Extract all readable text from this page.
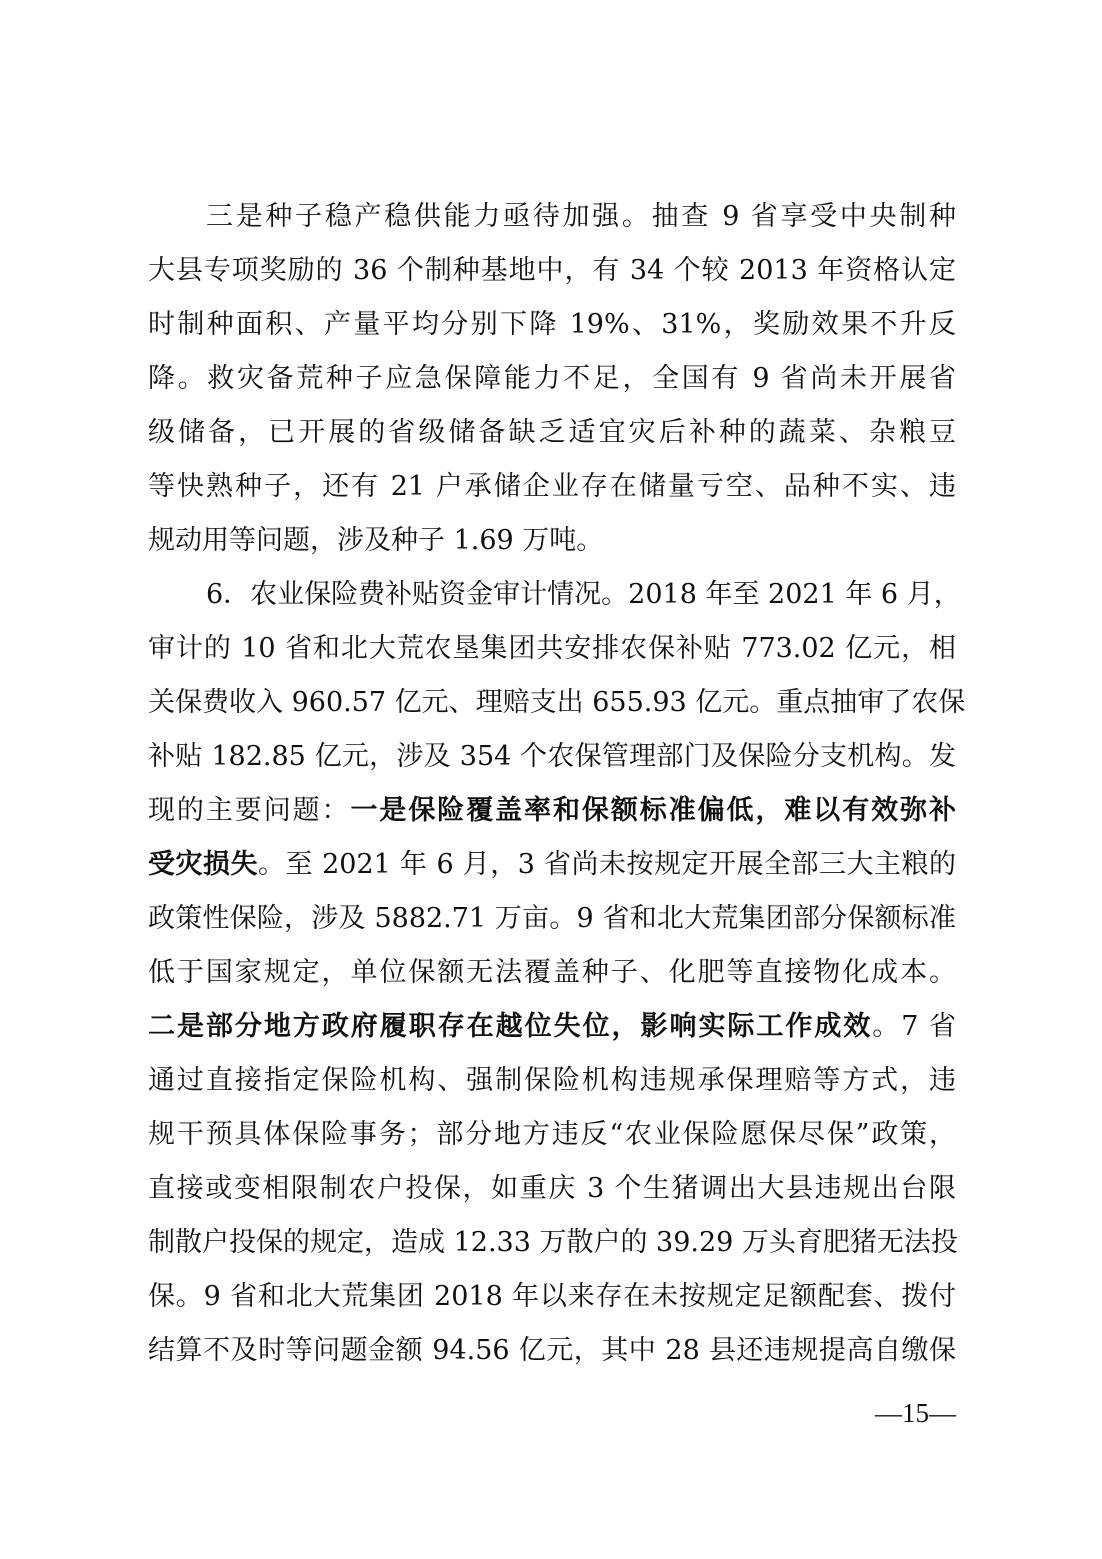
三是种子稳产稳供能力亟待加强。抽查 9 省享受中央制种
大县专项奖励的 36 个制种基地中，有 34 个较 2013 年资格认定
时制种面积、产量平均分别下降 19%、31%，奖励效果不升反
降。救灾备荒种子应急保障能力不足，全国有 9 省尚未开展省
级储备，已开展的省级储备缺乏适宜灾后补种的蔬菜、杂粮豆
等快熟种子，还有 21 户承储企业存在储量亏空、品种不实、违
规动用等问题，涉及种子 1.69 万吨。
6．农业保险费补贴资金审计情况。2018 年至 2021 年 6 月，
审计的 10 省和北大荒农垦集团共安排农保补贴 773.02 亿元，相
关保费收入 960.57 亿元、理赔支出 655.93 亿元。重点抽审了农保
补贴 182.85 亿元，涉及 354 个农保管理部门及保险分支机构。发
现的主要问题：一是保险覆盖率和保额标准偏低，难以有效弥补
受灾损失。至 2021 年 6 月，3 省尚未按规定开展全部三大主粮的
政策性保险，涉及 5882.71 万亩。9 省和北大荒集团部分保额标准
低于国家规定，单位保额无法覆盖种子、化肥等直接物化成本。
二是部分地方政府履职存在越位失位，影响实际工作成效。7 省
通过直接指定保险机构、强制保险机构违规承保理赔等方式，违
规干预具体保险事务；部分地方违反“农业保险愿保尽保”政策，
直接或变相限制农户投保，如重庆 3 个生猪调出大县违规出台限
制散户投保的规定，造成 12.33 万散户的 39.29 万头育肥猪无法投
保。9 省和北大荒集团 2018 年以来存在未按规定足额配套、拨付
结算不及时等问题金额 94.56 亿元，其中 28 县还违规提高自缴保
—15—
